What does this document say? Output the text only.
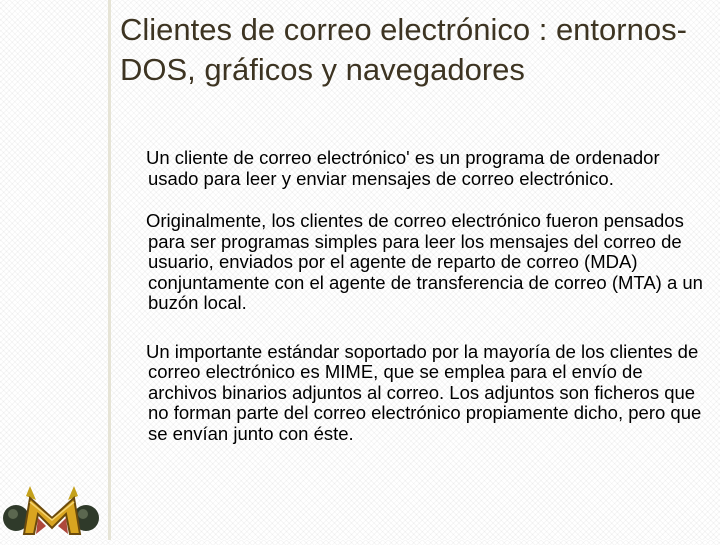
Clientes de correo electrónico : entornos-DOS, gráficos y navegadores

Un cliente de correo electrónico' es un programa de ordenador usado para leer y enviar mensajes de correo electrónico.

Originalmente, los clientes de correo electrónico fueron pensados para ser programas simples para leer los mensajes del correo de usuario, enviados por el agente de reparto de correo (MDA) conjuntamente con el agente de transferencia de correo (MTA) a un buzón local.

Un importante estándar soportado por la mayoría de los clientes de correo electrónico es MIME, que se emplea para el envío de archivos binarios adjuntos al correo. Los adjuntos son ficheros que no forman parte del correo electrónico propiamente dicho, pero que se envían junto con éste.
